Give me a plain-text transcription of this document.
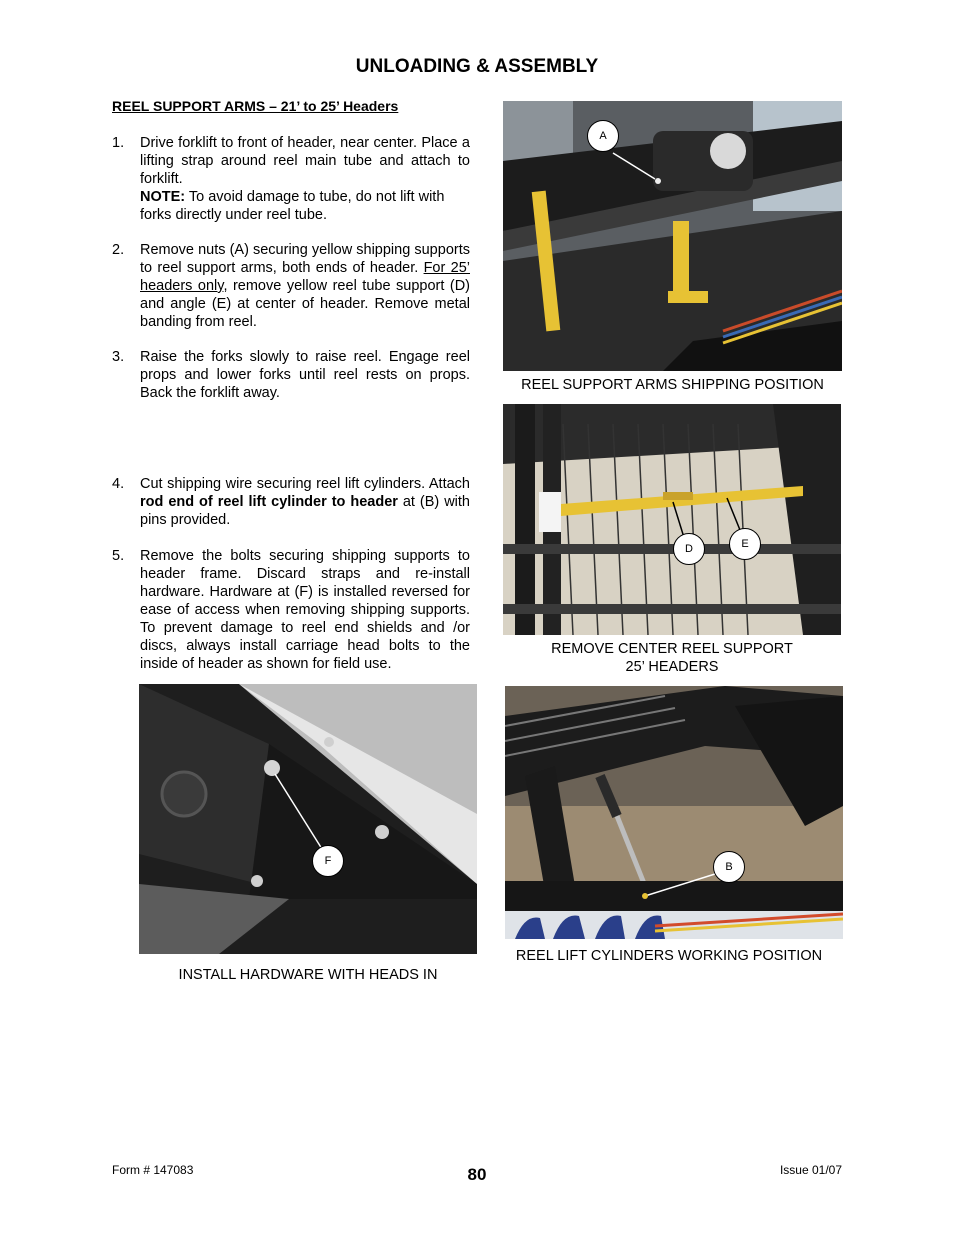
UNLOADING & ASSEMBLY
REEL SUPPORT ARMS – 21’ to 25’ Headers
1. Drive forklift to front of header, near center. Place a lifting strap around reel main tube and attach to forklift.
NOTE: To avoid damage to tube, do not lift with forks directly under reel tube.
2. Remove nuts (A) securing yellow shipping supports to reel support arms, both ends of header. For 25’ headers only, remove yellow reel tube support (D) and angle (E) at center of header. Remove metal banding from reel.
3. Raise the forks slowly to raise reel. Engage reel props and lower forks until reel rests on props. Back the forklift away.
4. Cut shipping wire securing reel lift cylinders. Attach rod end of reel lift cylinder to header at (B) with pins provided.
5. Remove the bolts securing shipping supports to header frame. Discard straps and re-install hardware. Hardware at (F) is installed reversed for ease of access when removing shipping supports. To prevent damage to reel end shields and /or discs, always install carriage head bolts to the inside of header as shown for field use.
A
REEL SUPPORT ARMS SHIPPING POSITION
D	E
REMOVE CENTER REEL SUPPORT
25’ HEADERS
B
REEL LIFT CYLINDERS WORKING POSITION
F
INSTALL HARDWARE WITH HEADS IN
Form # 147083	80	Issue 01/07
